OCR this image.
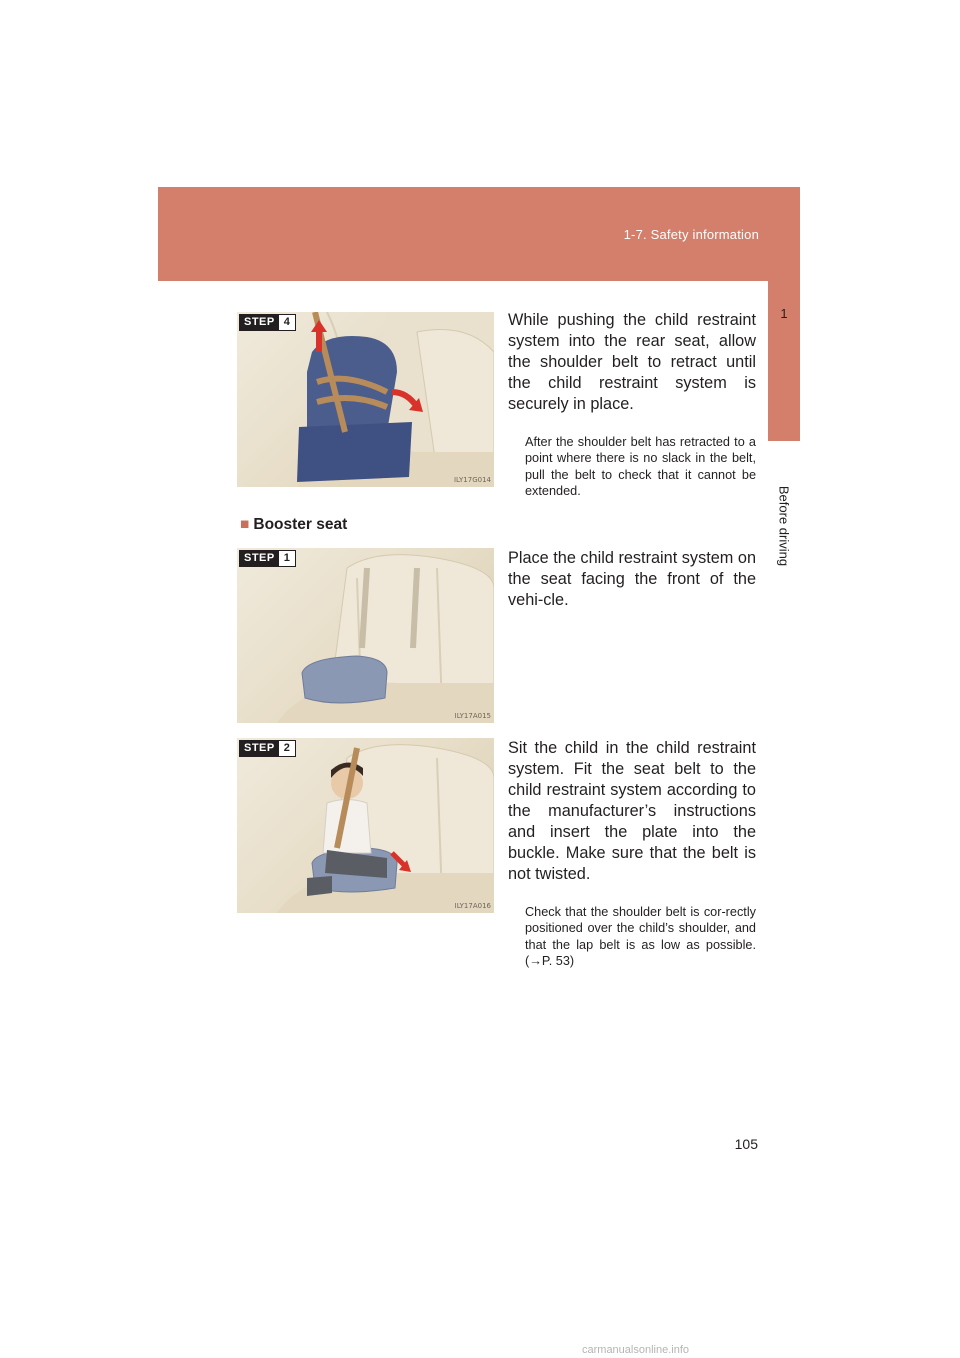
1-7. Safety information
1
Before driving
STEP 4
ILY17G014
While pushing the child restraint system into the rear seat, allow the shoulder belt to retract until the child restraint system is securely in place.
After the shoulder belt has retracted to a point where there is no slack in the belt, pull the belt to check that it cannot be extended.
■ Booster seat
STEP 1
ILY17A015
Place the child restraint system on the seat facing the front of the vehi-cle.
STEP 2
ILY17A016
Sit the child in the child restraint system. Fit the seat belt to the child restraint system according to the manufacturer’s instructions and insert the plate into the buckle. Make sure that the belt is not twisted.
Check that the shoulder belt is cor-rectly positioned over the child’s shoulder, and that the lap belt is as low as possible. (→P. 53)
105
carmanualsonline.info
